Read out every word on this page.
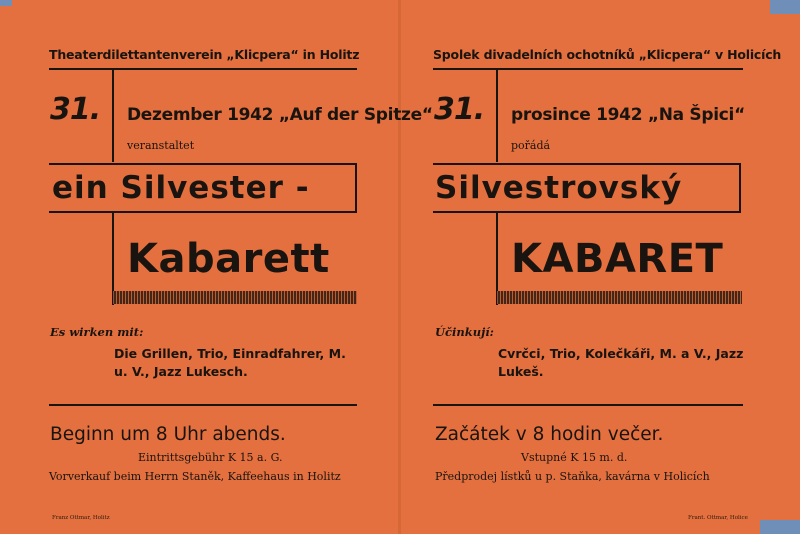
Theaterdilettantenverein „Klicpera“ in Holitz
31. Dezember 1942 „Auf der Spitze“
veranstaltet
ein Silvester -
Kabarett
Es wirken mit:
Die Grillen, Trio, Einradfahrer, M. u. V., Jazz Lukesch.
Beginn um 8 Uhr abends.
Eintrittsgebühr K 15 a. G.
Vorverkauf beim Herrn Staněk, Kaffeehaus in Holitz
Franz Ottmar, Holitz
Spolek divadelních ochotníků „Klicpera“ v Holicích
31. prosince 1942 „Na Špici“
pořádá
Silvestrovský
KABARET
Účinkují:
Cvrčci, Trio, Kolečkáři, M. a V., Jazz Lukeš.
Začátek v 8 hodin večer.
Vstupné K 15 m. d.
Předprodej lístků u p. Staňka, kavárna v Holicích
Frant. Ottmar, Holice
